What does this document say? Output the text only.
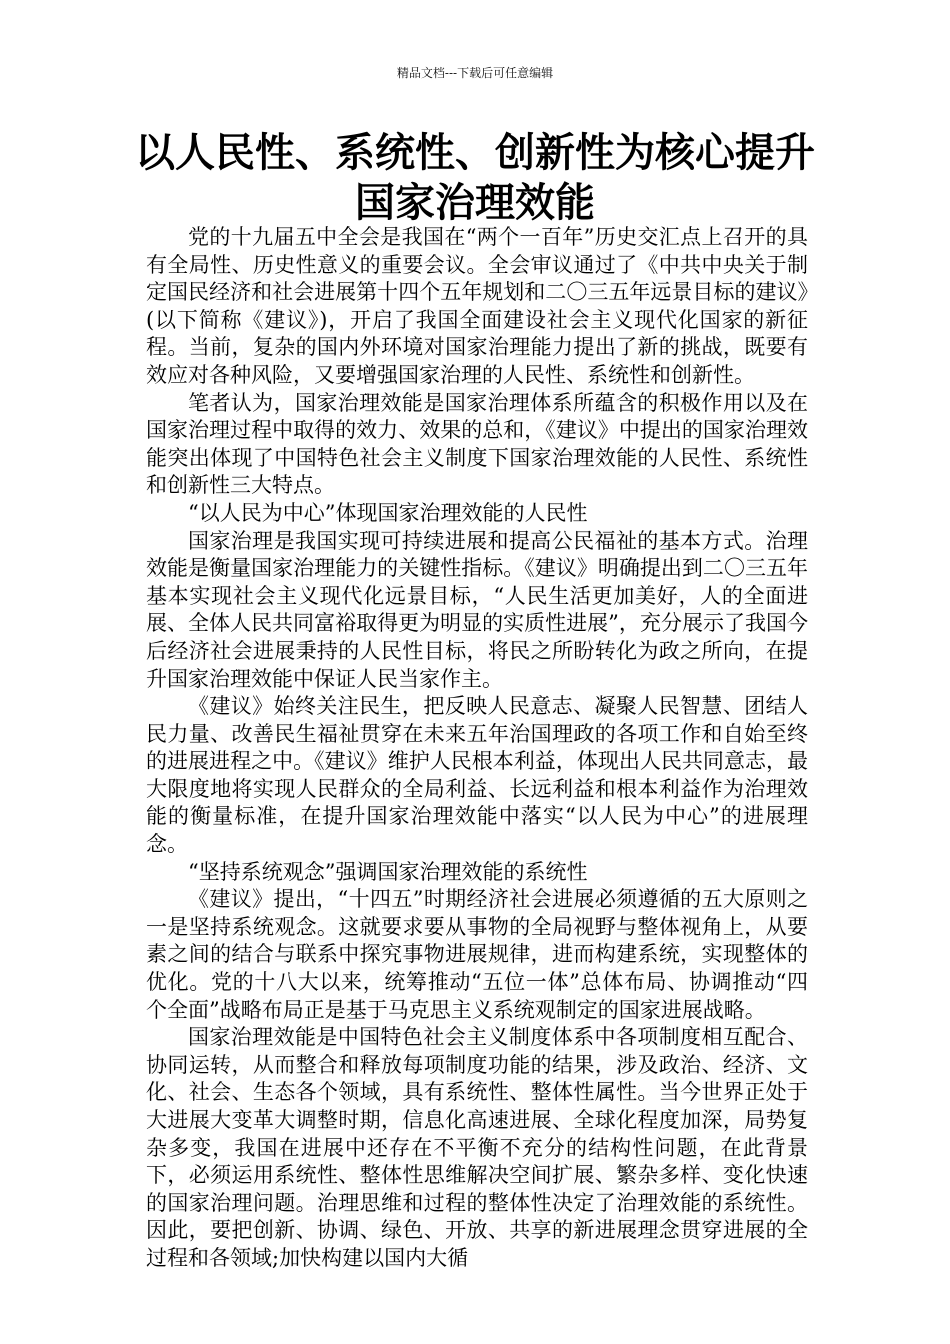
精品文档---下载后可任意编辑
以人民性、系统性、创新性为核心提升
国家治理效能

党的十九届五中全会是我国在“两个一百年”历史交汇点上召开的具有全局性、历史性意义的重要会议。全会审议通过了《中共中央关于制定国民经济和社会进展第十四个五年规划和二〇三五年远景目标的建议》(以下简称《建议》)，开启了我国全面建设社会主义现代化国家的新征程。当前，复杂的国内外环境对国家治理能力提出了新的挑战，既要有效应对各种风险，又要增强国家治理的人民性、系统性和创新性。

笔者认为，国家治理效能是国家治理体系所蕴含的积极作用以及在国家治理过程中取得的效力、效果的总和，《建议》中提出的国家治理效能突出体现了中国特色社会主义制度下国家治理效能的人民性、系统性和创新性三大特点。

“以人民为中心”体现国家治理效能的人民性

国家治理是我国实现可持续进展和提高公民福祉的基本方式。治理效能是衡量国家治理能力的关键性指标。《建议》明确提出到二〇三五年基本实现社会主义现代化远景目标，“人民生活更加美好，人的全面进展、全体人民共同富裕取得更为明显的实质性进展”，充分展示了我国今后经济社会进展秉持的人民性目标，将民之所盼转化为政之所向，在提升国家治理效能中保证人民当家作主。

《建议》始终关注民生，把反映人民意志、凝聚人民智慧、团结人民力量、改善民生福祉贯穿在未来五年治国理政的各项工作和自始至终的进展进程之中。《建议》维护人民根本利益，体现出人民共同意志，最大限度地将实现人民群众的全局利益、长远利益和根本利益作为治理效能的衡量标准，在提升国家治理效能中落实“以人民为中心”的进展理念。

“坚持系统观念”强调国家治理效能的系统性

《建议》提出，“十四五”时期经济社会进展必须遵循的五大原则之一是坚持系统观念。这就要求要从事物的全局视野与整体视角上，从要素之间的结合与联系中探究事物进展规律，进而构建系统，实现整体的优化。党的十八大以来，统筹推动“五位一体”总体布局、协调推动“四个全面”战略布局正是基于马克思主义系统观制定的国家进展战略。

国家治理效能是中国特色社会主义制度体系中各项制度相互配合、协同运转，从而整合和释放每项制度功能的结果，涉及政治、经济、文化、社会、生态各个领域，具有系统性、整体性属性。当今世界正处于大进展大变革大调整时期，信息化高速进展、全球化程度加深，局势复杂多变，我国在进展中还存在不平衡不充分的结构性问题，在此背景下，必须运用系统性、整体性思维解决空间扩展、繁杂多样、变化快速的国家治理问题。治理思维和过程的整体性决定了治理效能的系统性。因此，要把创新、协调、绿色、开放、共享的新进展理念贯穿进展的全过程和各领域;加快构建以国内大循
